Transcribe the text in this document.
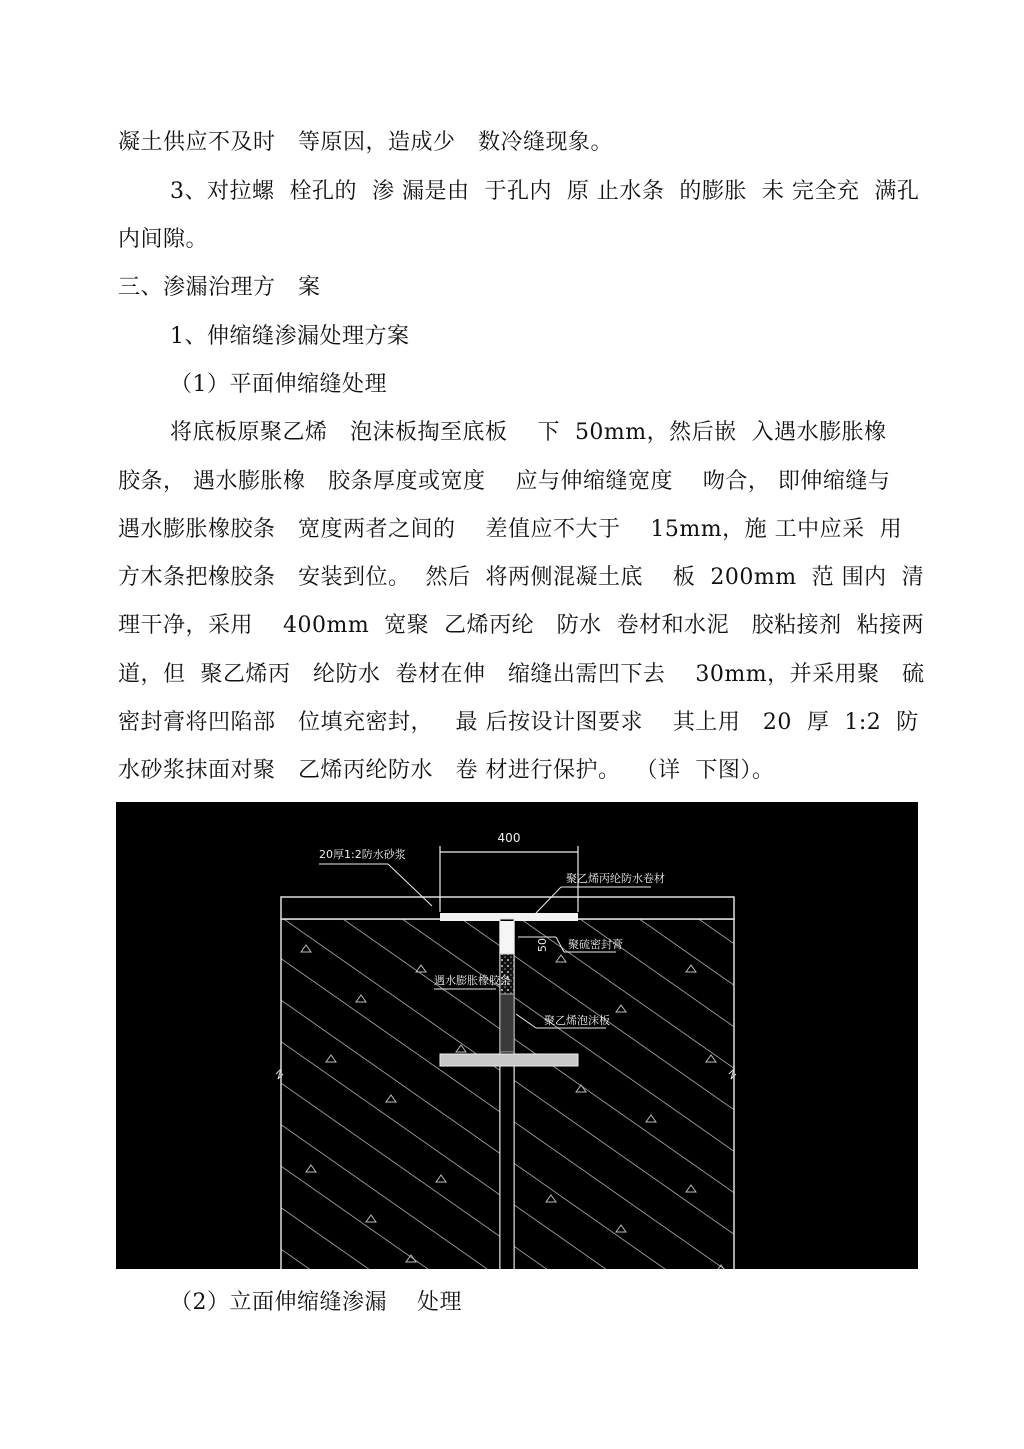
凝土供应不及时   等原因，造成少   数冷缝现象。

3、对拉螺  栓孔的  渗 漏是由  于孔内  原 止水条  的膨胀  未 完全充  满孔

内间隙。

三、渗漏治理方   案

1、伸缩缝渗漏处理方案

（1）平面伸缩缝处理

将底板原聚乙烯   泡沫板掏至底板    下  50mm，然后嵌  入遇水膨胀橡

胶条， 遇水膨胀橡   胶条厚度或宽度    应与伸缩缝宽度    吻合， 即伸缩缝与

遇水膨胀橡胶条   宽度两者之间的    差值应不大于    15mm，施 工中应采  用

方木条把橡胶条   安装到位。  然后  将两侧混凝土底    板  200mm  范 围内  清

理干净，采用    400mm  宽聚  乙烯丙纶   防水  卷材和水泥   胶粘接剂  粘接两

道，但  聚乙烯丙   纶防水  卷材在伸   缩缝出需凹下去    30mm，并采用聚   硫

密封膏将凹陷部   位填充密封，   最 后按设计图要求    其上用   20  厚  1:2  防

水砂浆抹面对聚   乙烯丙纶防水   卷 材进行保护。  （详  下图）。

400
20厚1:2防水砂浆
聚乙烯丙纶防水卷材
50 聚硫密封膏
遇水膨胀橡胶条
聚乙烯泡沫板

（2）立面伸缩缝渗漏    处理
